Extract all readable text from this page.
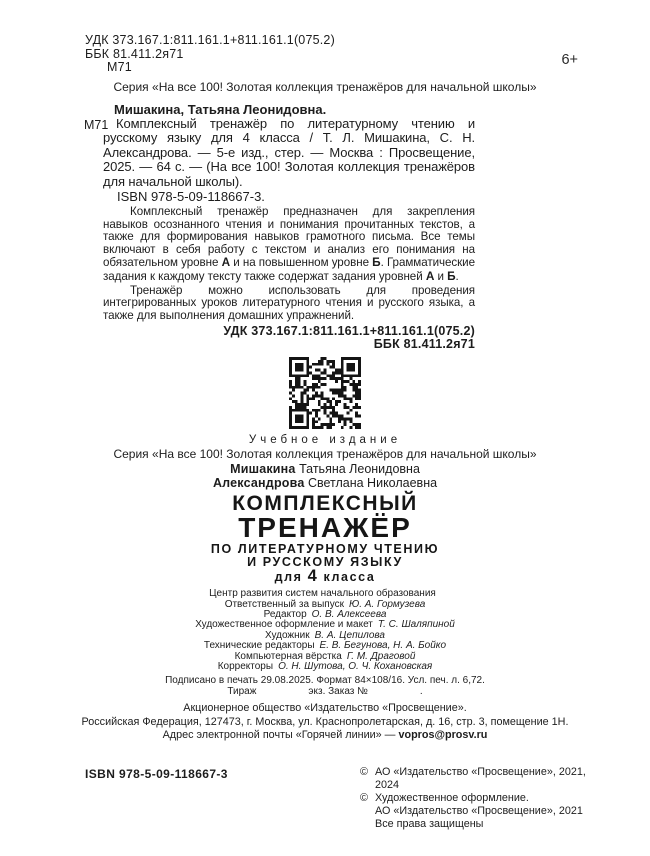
УДК 373.167.1:811.161.1+811.161.1(075.2)
ББК 81.411.2я71
М71	6+
Серия «На все 100! Золотая коллекция тренажёров для начальной школы»
Мишакина, Татьяна Леонидовна.
М71 Комплексный тренажёр по литературному чтению и русскому языку для 4 класса / Т. Л. Мишакина, С. Н. Александрова. — 5-е изд., стер. — Москва : Просвещение, 2025. — 64 с. — (На все 100! Золотая коллекция тренажёров для начальной школы).
ISBN 978-5-09-118667-3.

Комплексный тренажёр предназначен для закрепления навыков осознанного чтения и понимания прочитанных текстов, а также для формирования навыков грамотного письма. Все темы включают в себя работу с текстом и анализ его понимания на обязательном уровне А и на повышенном уровне Б. Грамматические задания к каждому тексту также содержат задания уровней А и Б.

Тренажёр можно использовать для проведения интегрированных уроков литературного чтения и русского языка, а также для выполнения домашних упражнений.

УДК 373.167.1:811.161.1+811.161.1(075.2)
ББК 81.411.2я71
Учебное издание
Серия «На все 100! Золотая коллекция тренажёров для начальной школы»
Мишакина Татьяна Леонидовна
Александрова Светлана Николаевна
КОМПЛЕКСНЫЙ
ТРЕНАЖЁР
ПО ЛИТЕРАТУРНОМУ ЧТЕНИЮ
И РУССКОМУ ЯЗЫКУ
для 4 класса
Центр развития систем начального образования
Ответственный за выпуск Ю. А. Гормузева
Редактор О. В. Алексеева
Художественное оформление и макет Т. С. Шаляпиной
Художник В. А. Цепилова
Технические редакторы Е. В. Бегунова, Н. А. Бойко
Компьютерная вёрстка Г. М. Драговой
Корректоры О. Н. Шутова, О. Ч. Кохановская
Подписано в печать 29.08.2025. Формат 84×108/16. Усл. печ. л. 6,72.
Тираж	экз. Заказ №	.
Акционерное общество «Издательство «Просвещение».
Российская Федерация, 127473, г. Москва, ул. Краснопролетарская, д. 16, стр. 3, помещение 1Н.
Адрес электронной почты «Горячей линии» — vopros@prosv.ru
ISBN 978-5-09-118667-3	© АО «Издательство «Просвещение», 2021, 2024
© Художественное оформление.
АО «Издательство «Просвещение», 2021
Все права защищены
